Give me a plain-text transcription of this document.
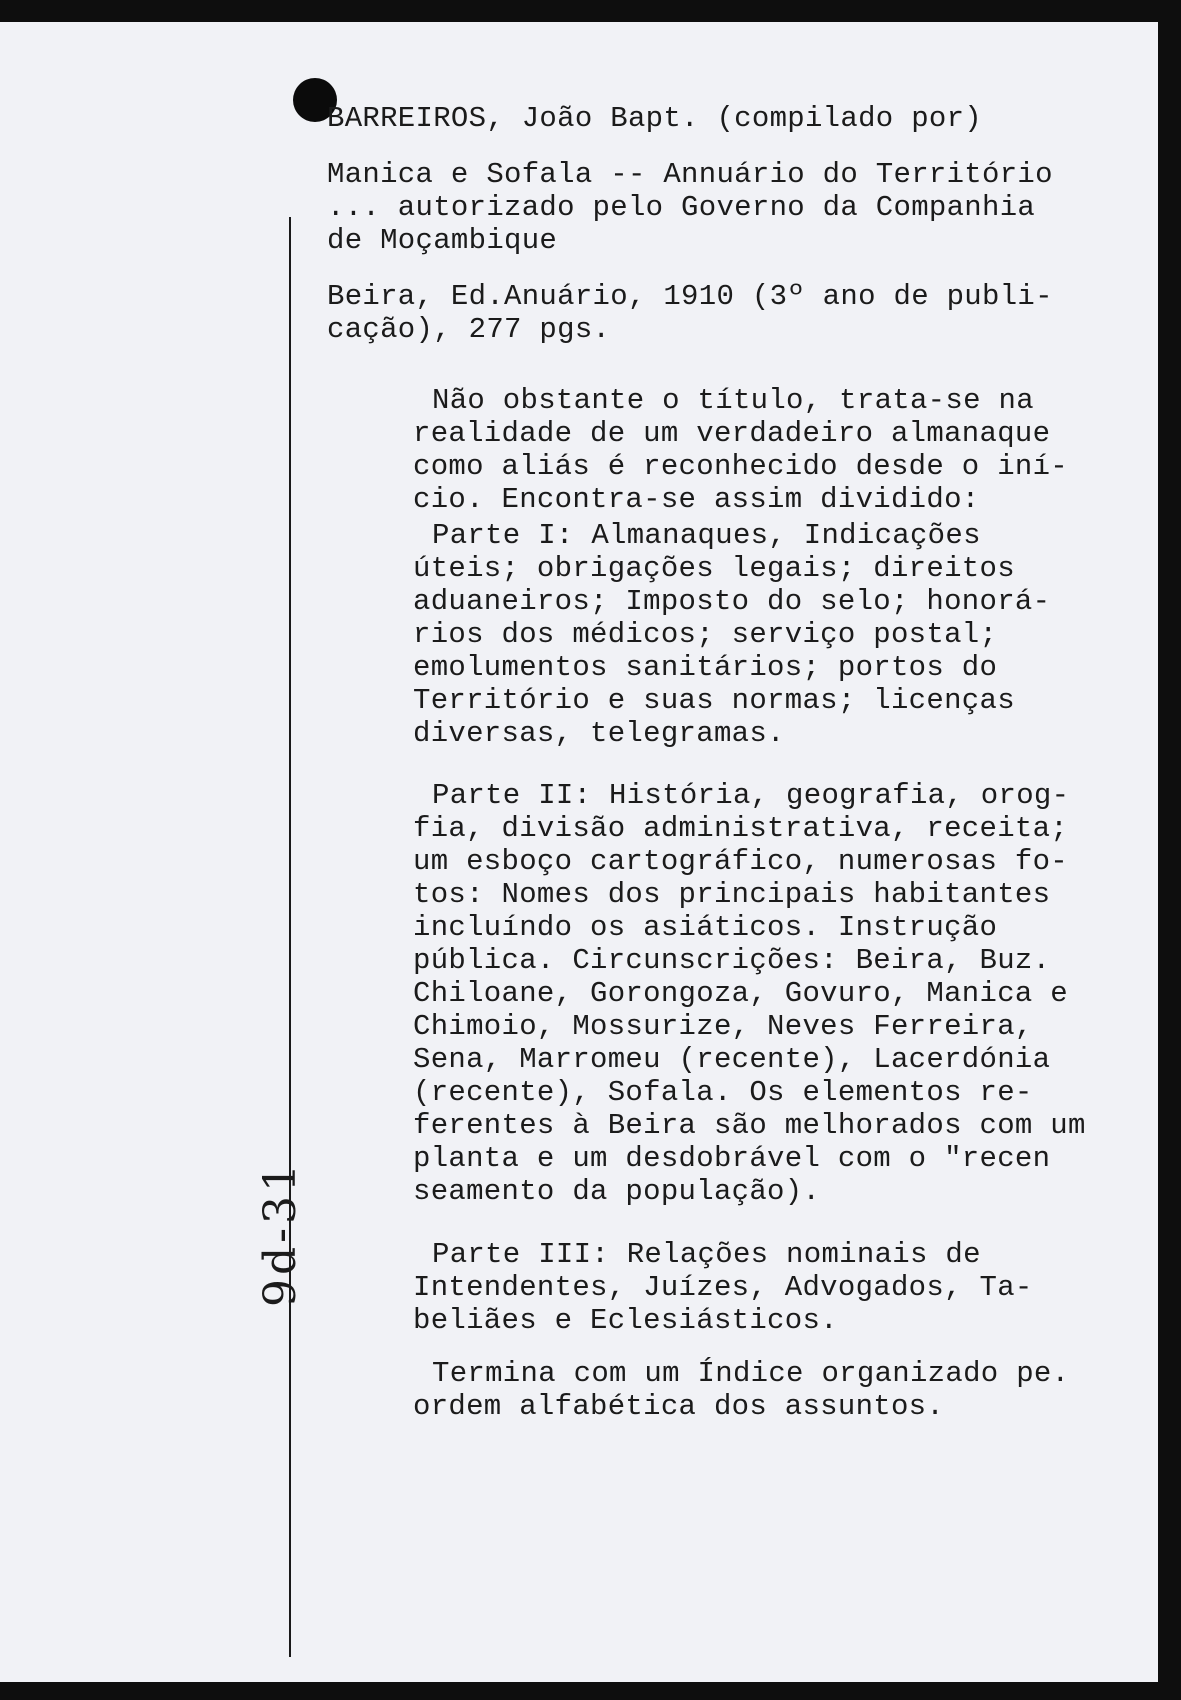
9d-31
BARREIROS, João Bapt. (compilado por)
Manica e Sofala -- Annuário do Território
... autorizado pelo Governo da Companhia
de Moçambique
Beira, Ed.Anuário, 1910 (3º ano de publi-
cação), 277 pgs.
Não obstante o título, trata-se na
realidade de um verdadeiro almanaque
como aliás é reconhecido desde o iní-
cio. Encontra-se assim dividido:
Parte I: Almanaques, Indicações
úteis; obrigações legais; direitos
aduaneiros; Imposto do selo; honorá-
rios dos médicos; serviço postal;
emolumentos sanitários; portos do
Território e suas normas; licenças
diversas, telegramas.
Parte II: História, geografia, orog-
fia, divisão administrativa, receita;
um esboço cartográfico, numerosas fo-
tos: Nomes dos principais habitantes
incluíndo os asiáticos. Instrução
pública. Circunscrições: Beira, Buz.
Chiloane, Gorongoza, Govuro, Manica e
Chimoio, Mossurize, Neves Ferreira,
Sena, Marromeu (recente), Lacerdónia
(recente), Sofala. Os elementos re-
ferentes à Beira são melhorados com um
planta e um desdobrável com o "recen
seamento da população).
Parte III: Relações nominais de
Intendentes, Juízes, Advogados, Ta-
beliães e Eclesiásticos.
Termina com um Índice organizado pe.
ordem alfabética dos assuntos.
